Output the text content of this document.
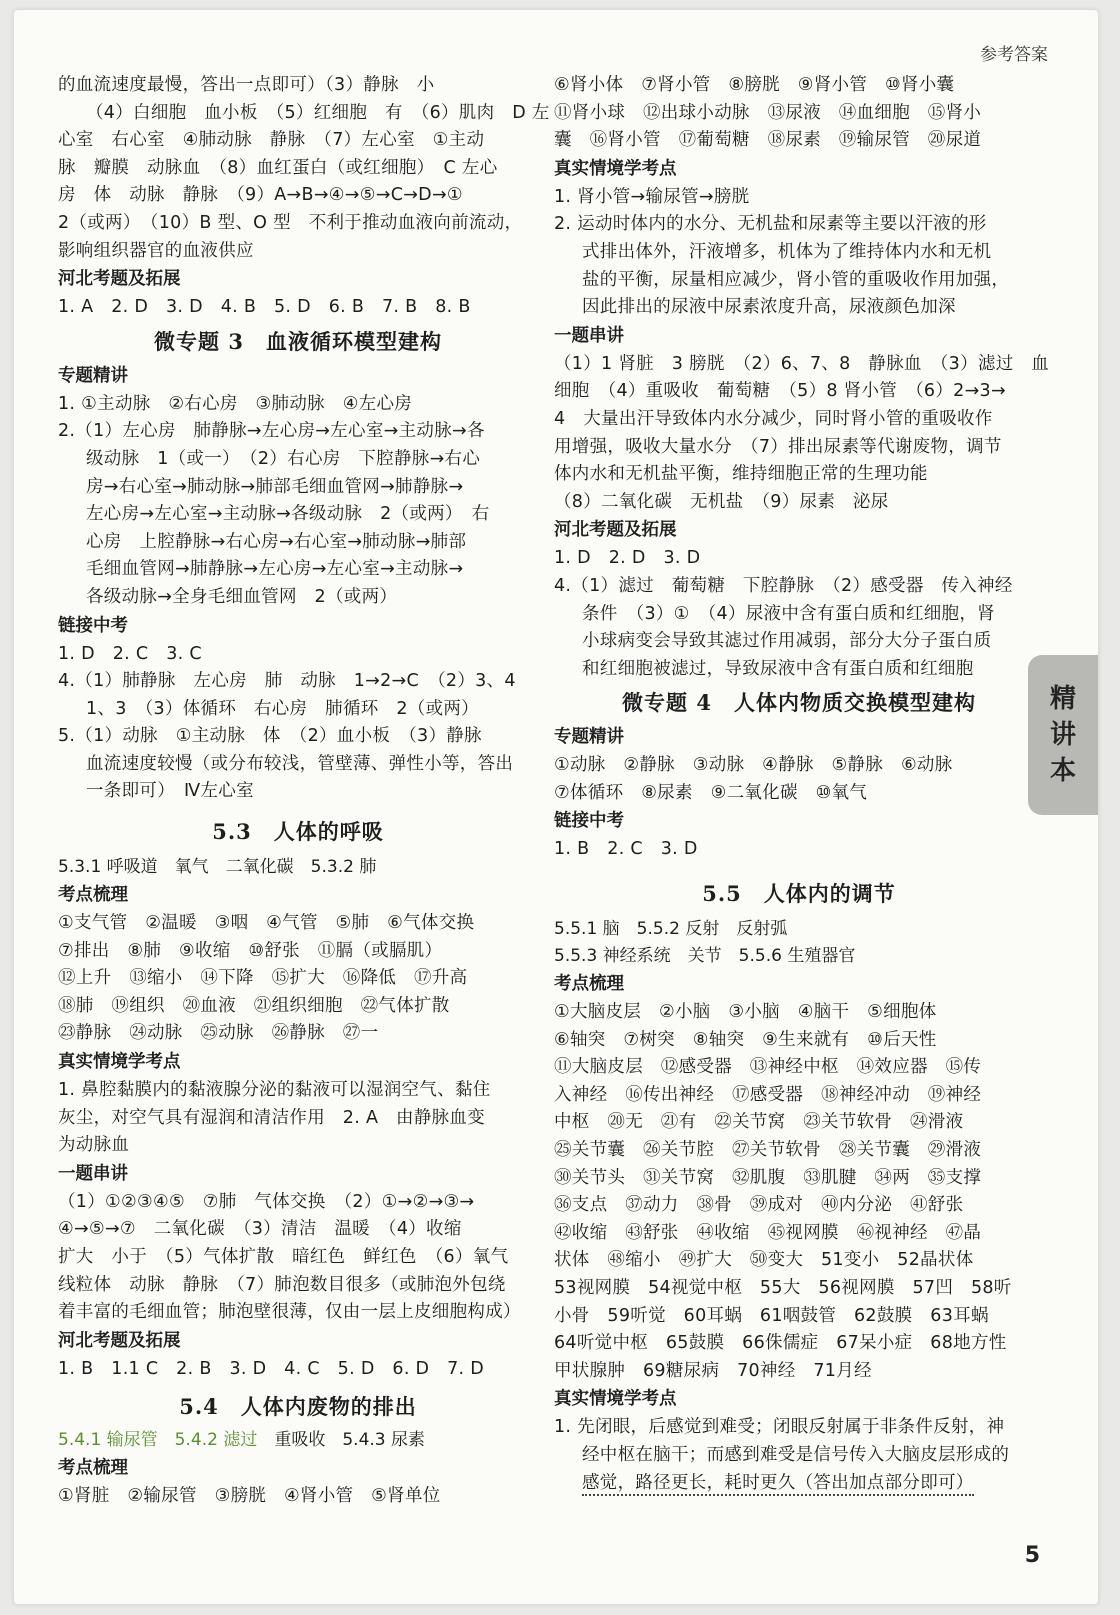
参考答案
的血流速度最慢，答出一点即可）（3）静脉　小
（4）白细胞　血小板　（5）红细胞　有　（6）肌肉　D 左
心室　右心室　④肺动脉　静脉　（7）左心室　①主动
脉　瓣膜　动脉血　（8）血红蛋白（或红细胞）　C 左心
房　体　动脉　静脉　（9）A→B→④→⑤→C→D→①
2（或两）　（10）B 型、O 型　不利于推动血液向前流动，
影响组织器官的血液供应
河北考题及拓展
1. A　2. D　3. D　4. B　5. D　6. B　7. B　8. B
微专题 3　血液循环模型建构
专题精讲
1. ①主动脉　②右心房　③肺动脉　④左心房
2.（1）左心房　肺静脉→左心房→左心室→主动脉→各
级动脉　1（或一）　（2）右心房　下腔静脉→右心
房→右心室→肺动脉→肺部毛细血管网→肺静脉→
左心房→左心室→主动脉→各级动脉　2（或两）　右
心房　上腔静脉→右心房→右心室→肺动脉→肺部
毛细血管网→肺静脉→左心房→左心室→主动脉→
各级动脉→全身毛细血管网　2（或两）
链接中考
1. D　2. C　3. C
4.（1）肺静脉　左心房　肺　动脉　1→2→C　（2）3、4
1、3　（3）体循环　右心房　肺循环　2（或两）
5.（1）动脉　①主动脉　体　（2）血小板　（3）静脉
血流速度较慢（或分布较浅，管壁薄、弹性小等，答出
一条即可）　Ⅳ左心室
5.3　人体的呼吸
5.3.1 呼吸道　氧气　二氧化碳　5.3.2 肺
考点梳理
①支气管　②温暖　③咽　④气管　⑤肺　⑥气体交换
⑦排出　⑧肺　⑨收缩　⑩舒张　⑪膈（或膈肌）
⑫上升　⑬缩小　⑭下降　⑮扩大　⑯降低　⑰升高
⑱肺　⑲组织　⑳血液　㉑组织细胞　㉒气体扩散
㉓静脉　㉔动脉　㉕动脉　㉖静脉　㉗一
真实情境学考点
1. 鼻腔黏膜内的黏液腺分泌的黏液可以湿润空气、黏住
灰尘，对空气具有湿润和清洁作用　2. A　由静脉血变
为动脉血
一题串讲
（1）①②③④⑤　⑦肺　气体交换　（2）①→②→③→
④→⑤→⑦　二氧化碳　（3）清洁　温暖　（4）收缩
扩大　小于　（5）气体扩散　暗红色　鲜红色　（6）氧气
线粒体　动脉　静脉　（7）肺泡数目很多（或肺泡外包绕
着丰富的毛细血管；肺泡壁很薄，仅由一层上皮细胞构成）
河北考题及拓展
1. B　1.1 C　2. B　3. D　4. C　5. D　6. D　7. D
5.4　人体内废物的排出
5.4.1 输尿管　5.4.2 滤过　重吸收　5.4.3 尿素
考点梳理
①肾脏　②输尿管　③膀胱　④肾小管　⑤肾单位
⑥肾小体　⑦肾小管　⑧膀胱　⑨肾小管　⑩肾小囊
⑪肾小球　⑫出球小动脉　⑬尿液　⑭血细胞　⑮肾小
囊　⑯肾小管　⑰葡萄糖　⑱尿素　⑲输尿管　⑳尿道
真实情境学考点
1. 肾小管→输尿管→膀胱
2. 运动时体内的水分、无机盐和尿素等主要以汗液的形
式排出体外，汗液增多，机体为了维持体内水和无机
盐的平衡，尿量相应减少，肾小管的重吸收作用加强，
因此排出的尿液中尿素浓度升高，尿液颜色加深
一题串讲
（1）1 肾脏　3 膀胱　（2）6、7、8　静脉血　（3）滤过　血
细胞　（4）重吸收　葡萄糖　（5）8 肾小管　（6）2→3→
4　大量出汗导致体内水分减少，同时肾小管的重吸收作
用增强，吸收大量水分　（7）排出尿素等代谢废物，调节
体内水和无机盐平衡，维持细胞正常的生理功能
（8）二氧化碳　无机盐　（9）尿素　泌尿
河北考题及拓展
1. D　2. D　3. D
4.（1）滤过　葡萄糖　下腔静脉　（2）感受器　传入神经
条件　（3）①　（4）尿液中含有蛋白质和红细胞，肾
小球病变会导致其滤过作用减弱，部分大分子蛋白质
和红细胞被滤过，导致尿液中含有蛋白质和红细胞
微专题 4　人体内物质交换模型建构
专题精讲
①动脉　②静脉　③动脉　④静脉　⑤静脉　⑥动脉
⑦体循环　⑧尿素　⑨二氧化碳　⑩氧气
链接中考
1. B　2. C　3. D
5.5　人体内的调节
5.5.1 脑　5.5.2 反射　反射弧
5.5.3 神经系统　关节　5.5.6 生殖器官
考点梳理
①大脑皮层　②小脑　③小脑　④脑干　⑤细胞体
⑥轴突　⑦树突　⑧轴突　⑨生来就有　⑩后天性
⑪大脑皮层　⑫感受器　⑬神经中枢　⑭效应器　⑮传
入神经　⑯传出神经　⑰感受器　⑱神经冲动　⑲神经
中枢　⑳无　㉑有　㉒关节窝　㉓关节软骨　㉔滑液
㉕关节囊　㉖关节腔　㉗关节软骨　㉘关节囊　㉙滑液
㉚关节头　㉛关节窝　㉜肌腹　㉝肌腱　㉞两　㉟支撑
㊱支点　㊲动力　㊳骨　㊴成对　㊵内分泌　㊶舒张
㊷收缩　㊸舒张　㊹收缩　㊺视网膜　㊻视神经　㊼晶
状体　㊽缩小　㊾扩大　㊿变大　51变小　52晶状体
53视网膜　54视觉中枢　55大　56视网膜　57凹　58听
小骨　59听觉　60耳蜗　61咽鼓管　62鼓膜　63耳蜗
64听觉中枢　65鼓膜　66侏儒症　67呆小症　68地方性
甲状腺肿　69糖尿病　70神经　71月经
真实情境学考点
1. 先闭眼，后感觉到难受；闭眼反射属于非条件反射，神
经中枢在脑干；而感到难受是信号传入大脑皮层形成的
感觉，路径更长，耗时更久（答出加点部分即可）
精
讲
本
5
